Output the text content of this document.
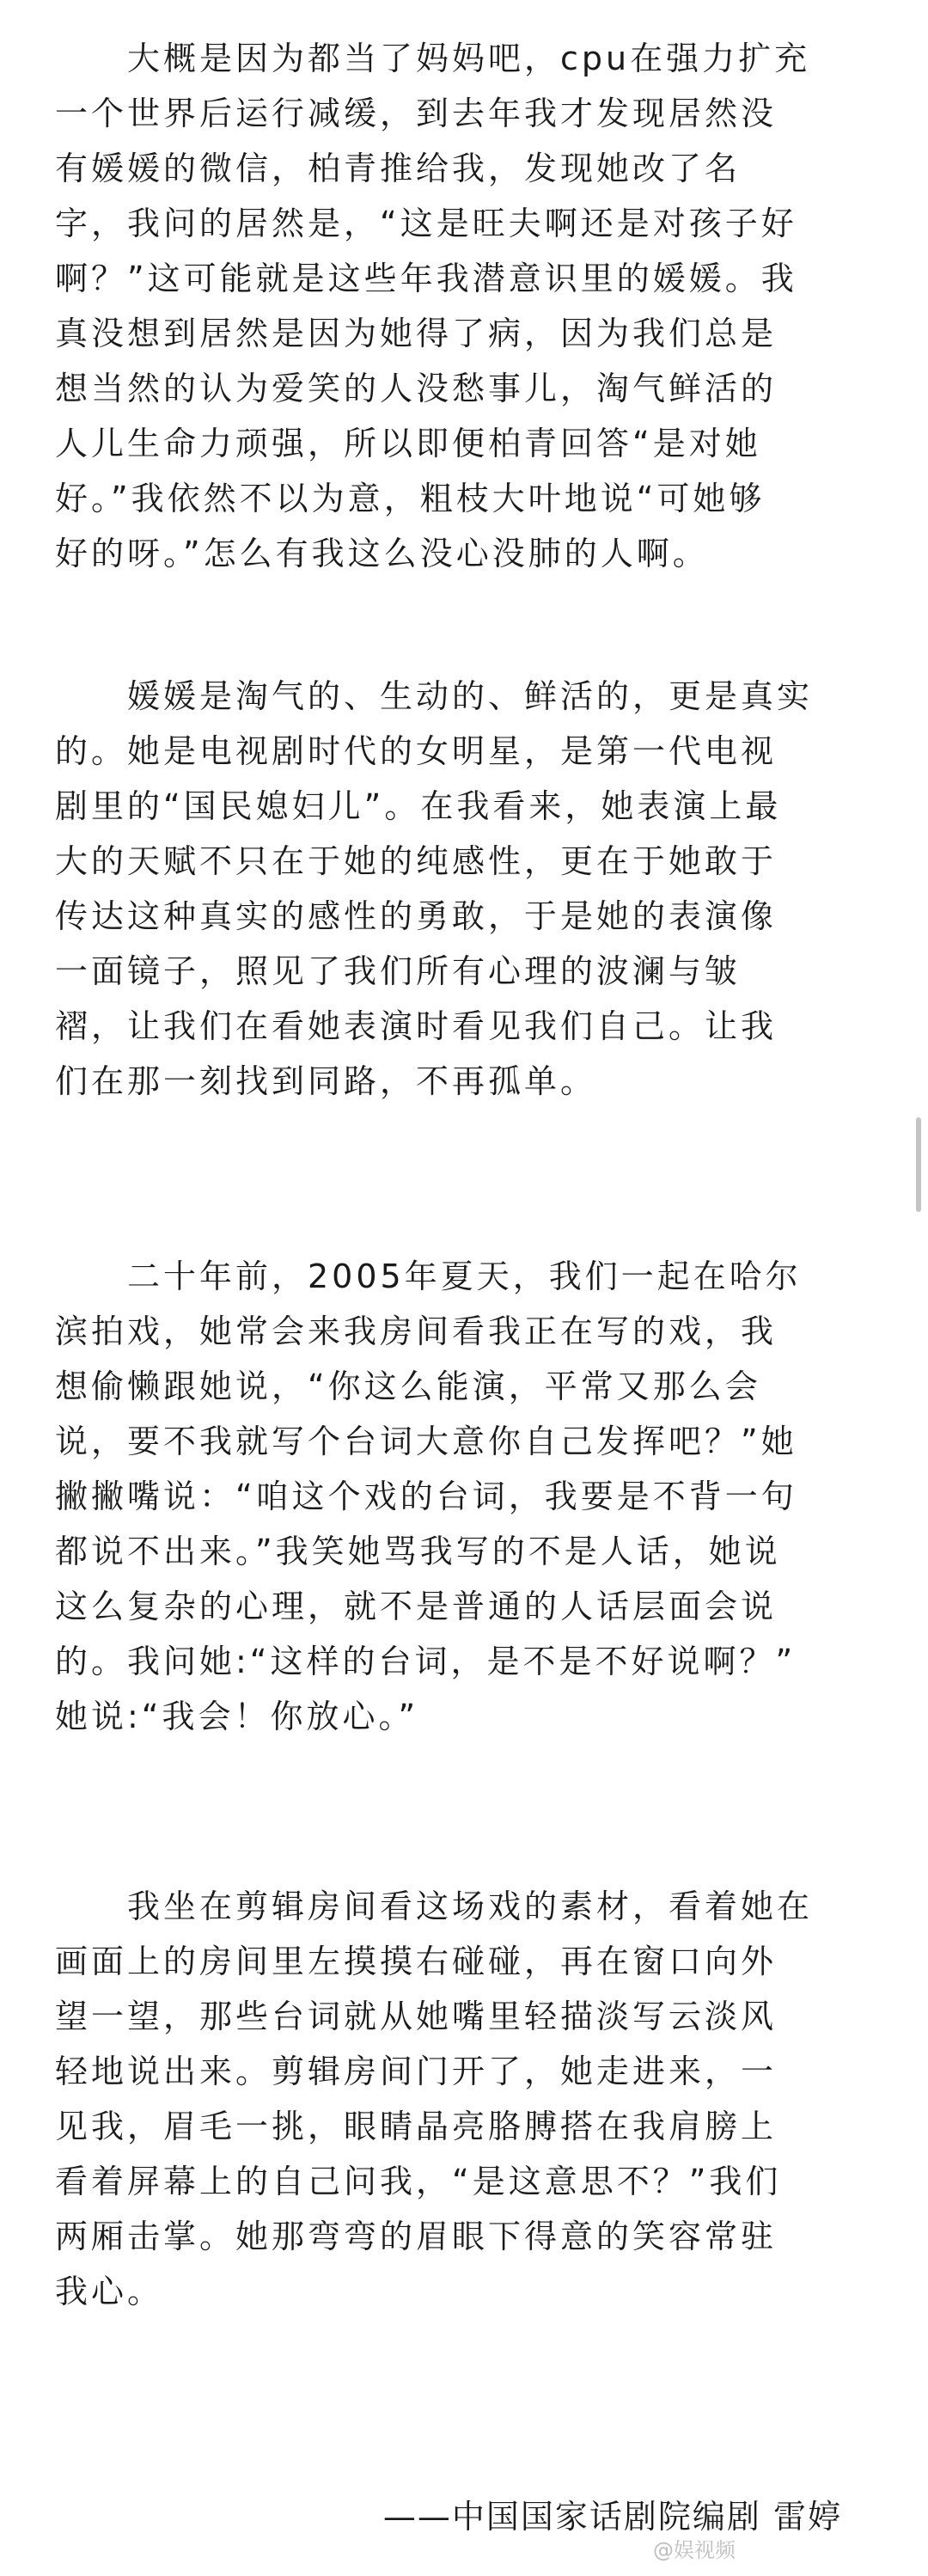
　　大概是因为都当了妈妈吧，cpu在强力扩充
一个世界后运行减缓，到去年我才发现居然没
有媛媛的微信，柏青推给我，发现她改了名
字，我问的居然是，“这是旺夫啊还是对孩子好
啊？”这可能就是这些年我潜意识里的媛媛。我
真没想到居然是因为她得了病，因为我们总是
想当然的认为爱笑的人没愁事儿，淘气鲜活的
人儿生命力顽强，所以即便柏青回答“是对她
好。”我依然不以为意，粗枝大叶地说“可她够
好的呀。”怎么有我这么没心没肺的人啊。
　　媛媛是淘气的、生动的、鲜活的，更是真实
的。她是电视剧时代的女明星，是第一代电视
剧里的“国民媳妇儿”。在我看来，她表演上最
大的天赋不只在于她的纯感性，更在于她敢于
传达这种真实的感性的勇敢，于是她的表演像
一面镜子，照见了我们所有心理的波澜与皱
褶，让我们在看她表演时看见我们自己。让我
们在那一刻找到同路，不再孤单。
　　二十年前，2005年夏天，我们一起在哈尔
滨拍戏，她常会来我房间看我正在写的戏，我
想偷懒跟她说，“你这么能演，平常又那么会
说，要不我就写个台词大意你自己发挥吧？”她
撇撇嘴说：“咱这个戏的台词，我要是不背一句
都说不出来。”我笑她骂我写的不是人话，她说
这么复杂的心理，就不是普通的人话层面会说
的。我问她:“这样的台词，是不是不好说啊？”
她说:“我会！你放心。”
　　我坐在剪辑房间看这场戏的素材，看着她在
画面上的房间里左摸摸右碰碰，再在窗口向外
望一望，那些台词就从她嘴里轻描淡写云淡风
轻地说出来。剪辑房间门开了，她走进来，一
见我，眉毛一挑，眼睛晶亮胳膊搭在我肩膀上
看着屏幕上的自己问我，“是这意思不？”我们
两厢击掌。她那弯弯的眉眼下得意的笑容常驻
我心。
——中国国家话剧院编剧 雷婷
@娱视频
